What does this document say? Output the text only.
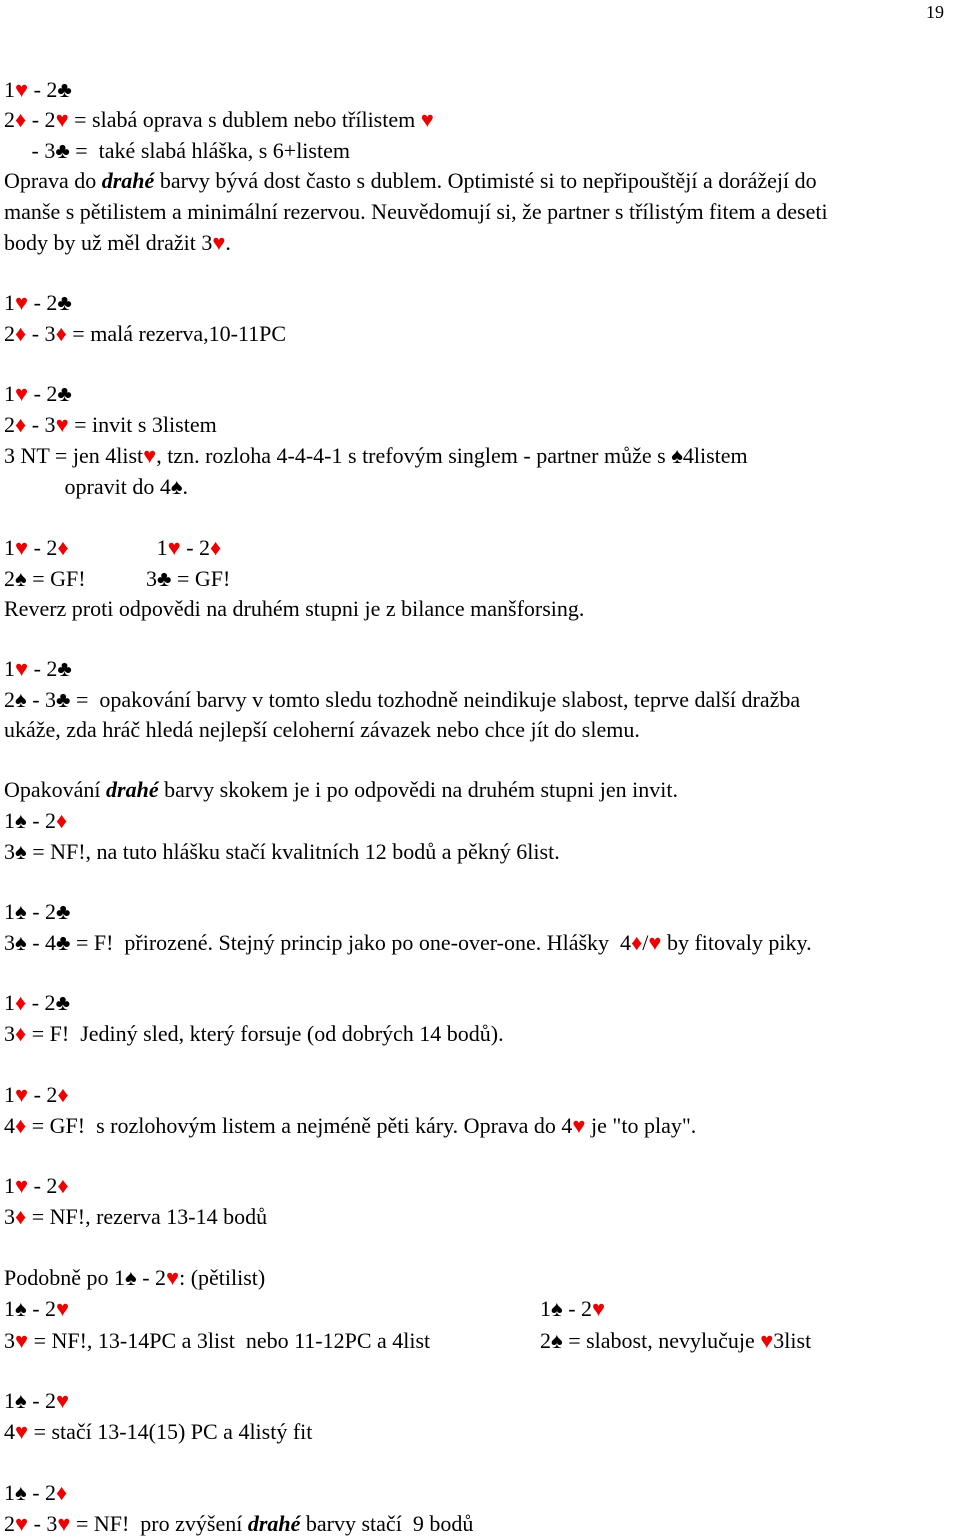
19
1♥ - 2♣
2♦ - 2♥ = slabá oprava s dublem nebo třílistem ♥
- 3♣ =  také slabá hláška, s 6+listem
Oprava do drahé barvy bývá dost často s dublem. Optimisté si to nepřipouštějí a dorážejí do
manše s pětilistem a minimální rezervou. Neuvědomují si, že partner s třílistým fitem a deseti
body by už měl dražit 3♥.
1♥ - 2♣
2♦ - 3♦ = malá rezerva,10-11PC
1♥ - 2♣
2♦ - 3♥ = invit s 3listem
3 NT = jen 4list♥, tzn. rozloha 4-4-4-1 s trefovým singlem - partner může s ♠4listem
opravit do 4♠.
1♥ - 2♦                1♥ - 2♦
2♠ = GF!           3♣ = GF!
Reverz proti odpovědi na druhém stupni je z bilance manšforsing.
1♥ - 2♣
2♠ - 3♣ =  opakování barvy v tomto sledu tozhodně neindikuje slabost, teprve další dražba
ukáže, zda hráč hledá nejlepší celoherní závazek nebo chce jít do slemu.
Opakování drahé barvy skokem je i po odpovědi na druhém stupni jen invit.
1♠ - 2♦
3♠ = NF!, na tuto hlášku stačí kvalitních 12 bodů a pěkný 6list.
1♠ - 2♣
3♠ - 4♣ = F!  přirozené. Stejný princip jako po one-over-one. Hlášky  4♦/♥ by fitovaly piky.
1♦ - 2♣
3♦ = F!  Jediný sled, který forsuje (od dobrých 14 bodů).
1♥ - 2♦
4♦ = GF!  s rozlohovým listem a nejméně pěti káry. Oprava do 4♥ je "to play".
1♥ - 2♦
3♦ = NF!, rezerva 13-14 bodů
Podobně po 1♠ - 2♥: (pětilist)
1♠ - 2♥
3♥ = NF!, 13-14PC a 3list  nebo 11-12PC a 4list
1♠ - 2♥
2♠ = slabost, nevylučuje ♥3list
1♠ - 2♥
4♥ = stačí 13-14(15) PC a 4listý fit
1♠ - 2♦
2♥ - 3♥ = NF!  pro zvýšení drahé barvy stačí  9 bodů
